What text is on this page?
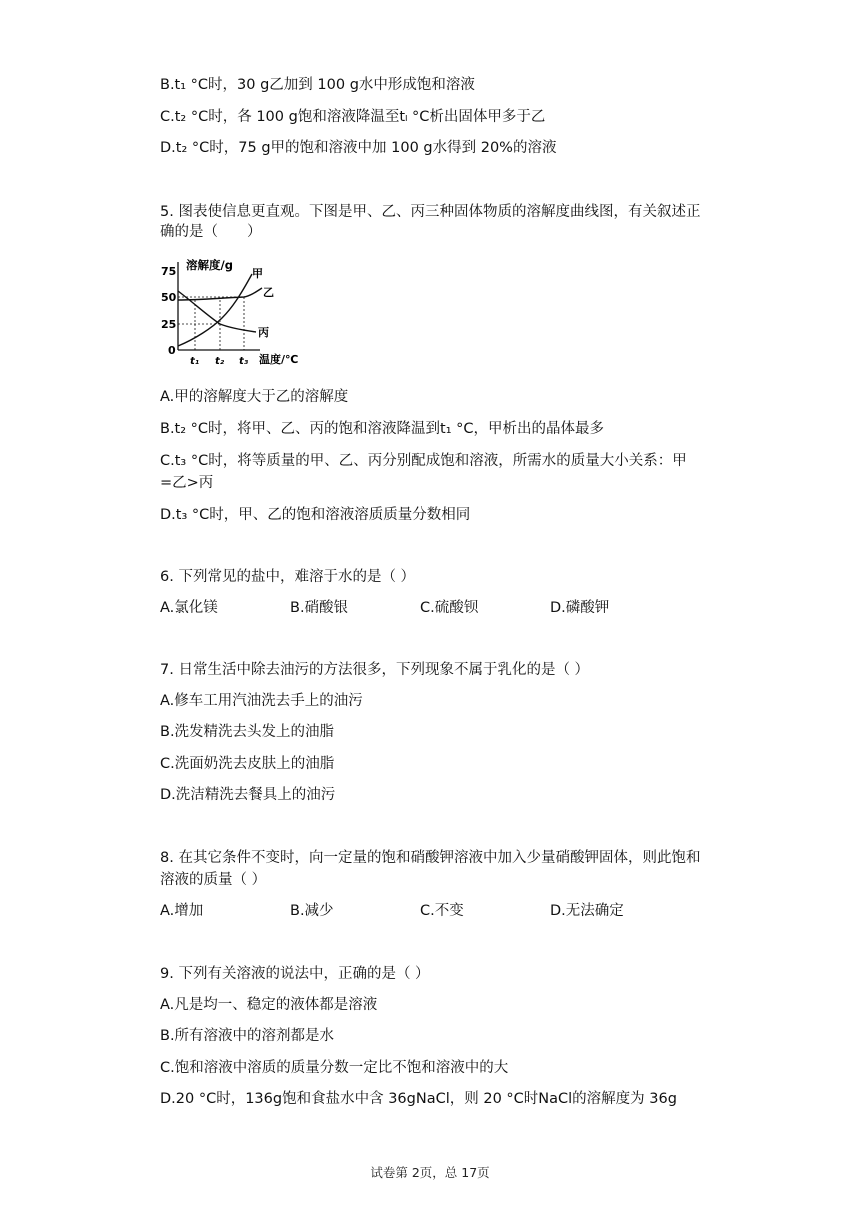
B.t₁ °C时，30 g乙加到 100 g水中形成饱和溶液
C.t₂ °C时，各 100 g饱和溶液降温至tₗ °C析出固体甲多于乙
D.t₂ °C时，75 g甲的饱和溶液中加 100 g水得到 20%的溶液
5. 图表使信息更直观。下图是甲、乙、丙三种固体物质的溶解度曲线图，有关叙述正
确的是（　　）
75
50
25
0
溶解度/g
甲
乙
丙
t₁ t₂ t₃ 温度/℃
A.甲的溶解度大于乙的溶解度
B.t₂ °C时，将甲、乙、丙的饱和溶液降温到t₁ °C，甲析出的晶体最多
C.t₃ °C时，将等质量的甲、乙、丙分别配成饱和溶液，所需水的质量大小关系：甲
=乙>丙
D.t₃ °C时，甲、乙的饱和溶液溶质质量分数相同
6. 下列常见的盐中，难溶于水的是（ ）
A.氯化镁	B.硝酸银	C.硫酸钡	D.磷酸钾
7. 日常生活中除去油污的方法很多，下列现象不属于乳化的是（ ）
A.修车工用汽油洗去手上的油污
B.洗发精洗去头发上的油脂
C.洗面奶洗去皮肤上的油脂
D.洗洁精洗去餐具上的油污
8. 在其它条件不变时，向一定量的饱和硝酸钾溶液中加入少量硝酸钾固体，则此饱和
溶液的质量（ ）
A.增加	B.减少	C.不变	D.无法确定
9. 下列有关溶液的说法中，正确的是（ ）
A.凡是均一、稳定的液体都是溶液
B.所有溶液中的溶剂都是水
C.饱和溶液中溶质的质量分数一定比不饱和溶液中的大
D.20 °C时，136g饱和食盐水中含 36gNaCl，则 20 °C时NaCl的溶解度为 36g
试卷第 2页，总 17页
